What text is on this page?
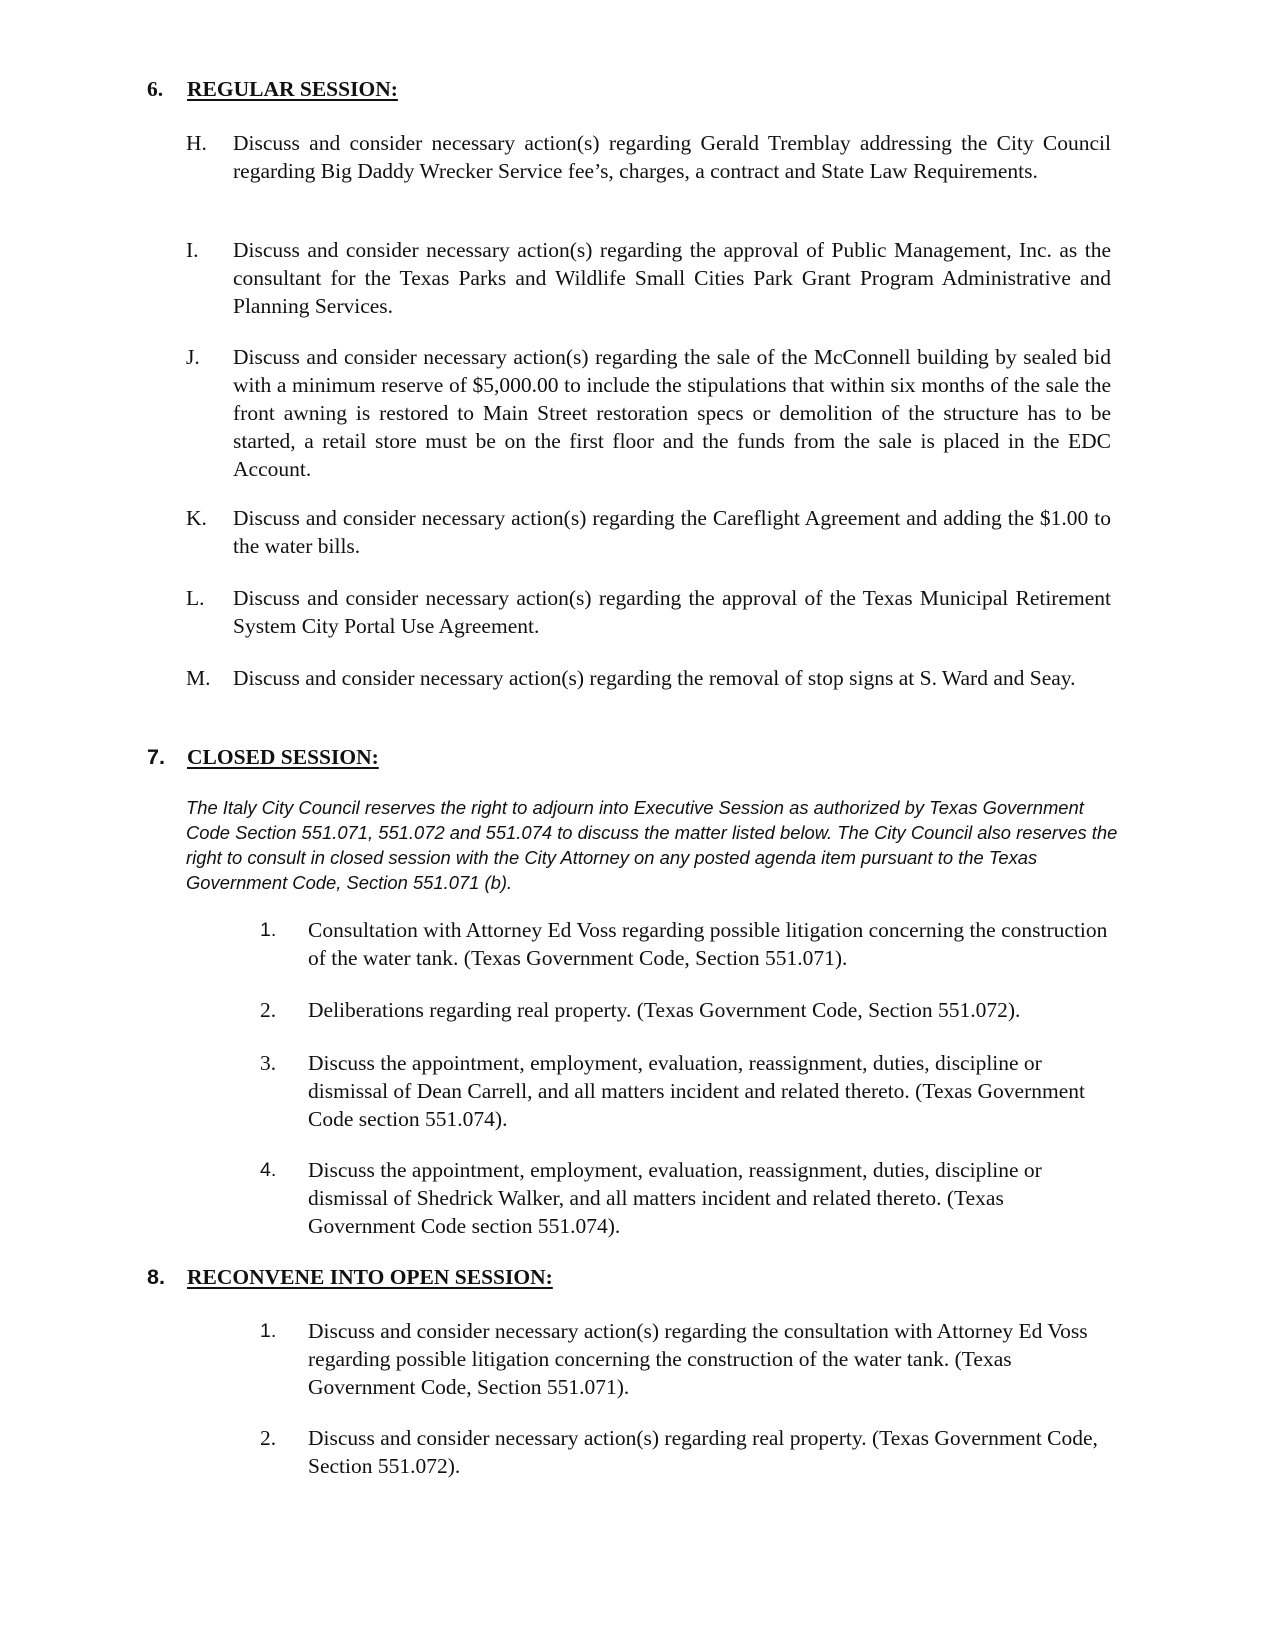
6. REGULAR SESSION:
H. Discuss and consider necessary action(s) regarding Gerald Tremblay addressing the City Council regarding Big Daddy Wrecker Service fee’s, charges, a contract and State Law Requirements.
I. Discuss and consider necessary action(s) regarding the approval of Public Management, Inc. as the consultant for the Texas Parks and Wildlife Small Cities Park Grant Program Administrative and Planning Services.
J. Discuss and consider necessary action(s) regarding the sale of the McConnell building by sealed bid with a minimum reserve of $5,000.00 to include the stipulations that within six months of the sale the front awning is restored to Main Street restoration specs or demolition of the structure has to be started, a retail store must be on the first floor and the funds from the sale is placed in the EDC Account.
K. Discuss and consider necessary action(s) regarding the Careflight Agreement and adding the $1.00 to the water bills.
L. Discuss and consider necessary action(s) regarding the approval of the Texas Municipal Retirement System City Portal Use Agreement.
M. Discuss and consider necessary action(s) regarding the removal of stop signs at S. Ward and Seay.
7. CLOSED SESSION:
The Italy City Council reserves the right to adjourn into Executive Session as authorized by Texas Government Code Section 551.071, 551.072 and 551.074 to discuss the matter listed below. The City Council also reserves the right to consult in closed session with the City Attorney on any posted agenda item pursuant to the Texas Government Code, Section 551.071 (b).
1. Consultation with Attorney Ed Voss regarding possible litigation concerning the construction of the water tank. (Texas Government Code, Section 551.071).
2. Deliberations regarding real property. (Texas Government Code, Section 551.072).
3. Discuss the appointment, employment, evaluation, reassignment, duties, discipline or dismissal of Dean Carrell, and all matters incident and related thereto. (Texas Government Code section 551.074).
4. Discuss the appointment, employment, evaluation, reassignment, duties, discipline or dismissal of Shedrick Walker, and all matters incident and related thereto. (Texas Government Code section 551.074).
8. RECONVENE INTO OPEN SESSION:
1. Discuss and consider necessary action(s) regarding the consultation with Attorney Ed Voss regarding possible litigation concerning the construction of the water tank. (Texas Government Code, Section 551.071).
2. Discuss and consider necessary action(s) regarding real property. (Texas Government Code, Section 551.072).
